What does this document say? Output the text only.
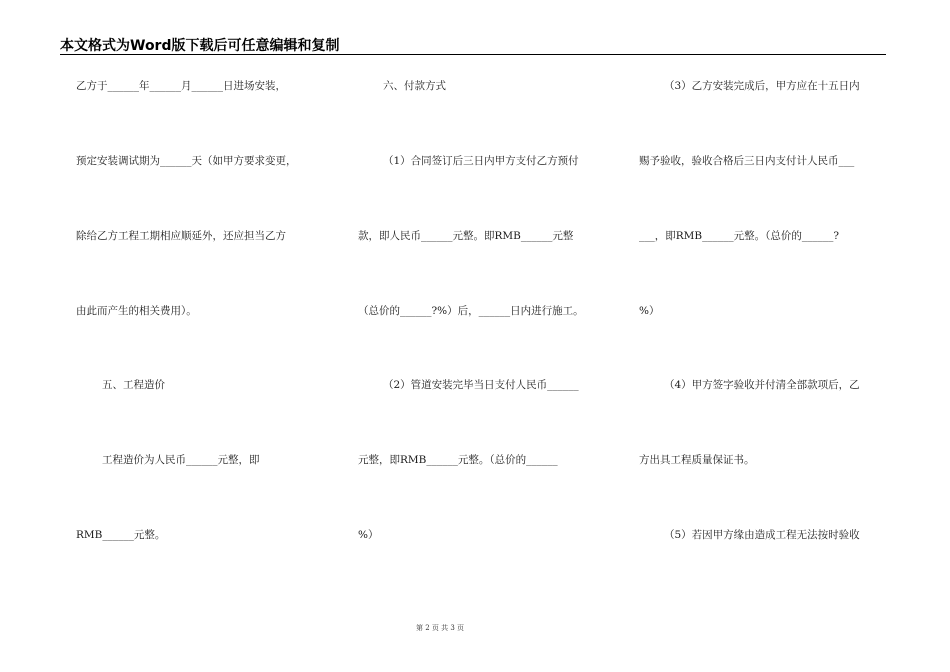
本文格式为Word版下载后可任意编辑和复制
乙方于______年______月______日进场安装，
预定安装调试期为______天（如甲方要求变更，
除给乙方工程工期相应顺延外，还应担当乙方
由此而产生的相关费用）。
五、工程造价
工程造价为人民币______元整，即
RMB______元整。
六、付款方式
（1）合同签订后三日内甲方支付乙方预付
款，即人民币______元整。即RMB______元整
（总价的______?%）后，______日内进行施工。
（2）管道安装完毕当日支付人民币______
元整，即RMB______元整。（总价的______
%）
（3）乙方安装完成后，甲方应在十五日内
赐予验收，验收合格后三日内支付计人民币___
___，即RMB______元整。（总价的______?
%）
（4）甲方签字验收并付清全部款项后，乙
方出具工程质量保证书。
（5）若因甲方缘由造成工程无法按时验收
第 2 页 共 3 页
